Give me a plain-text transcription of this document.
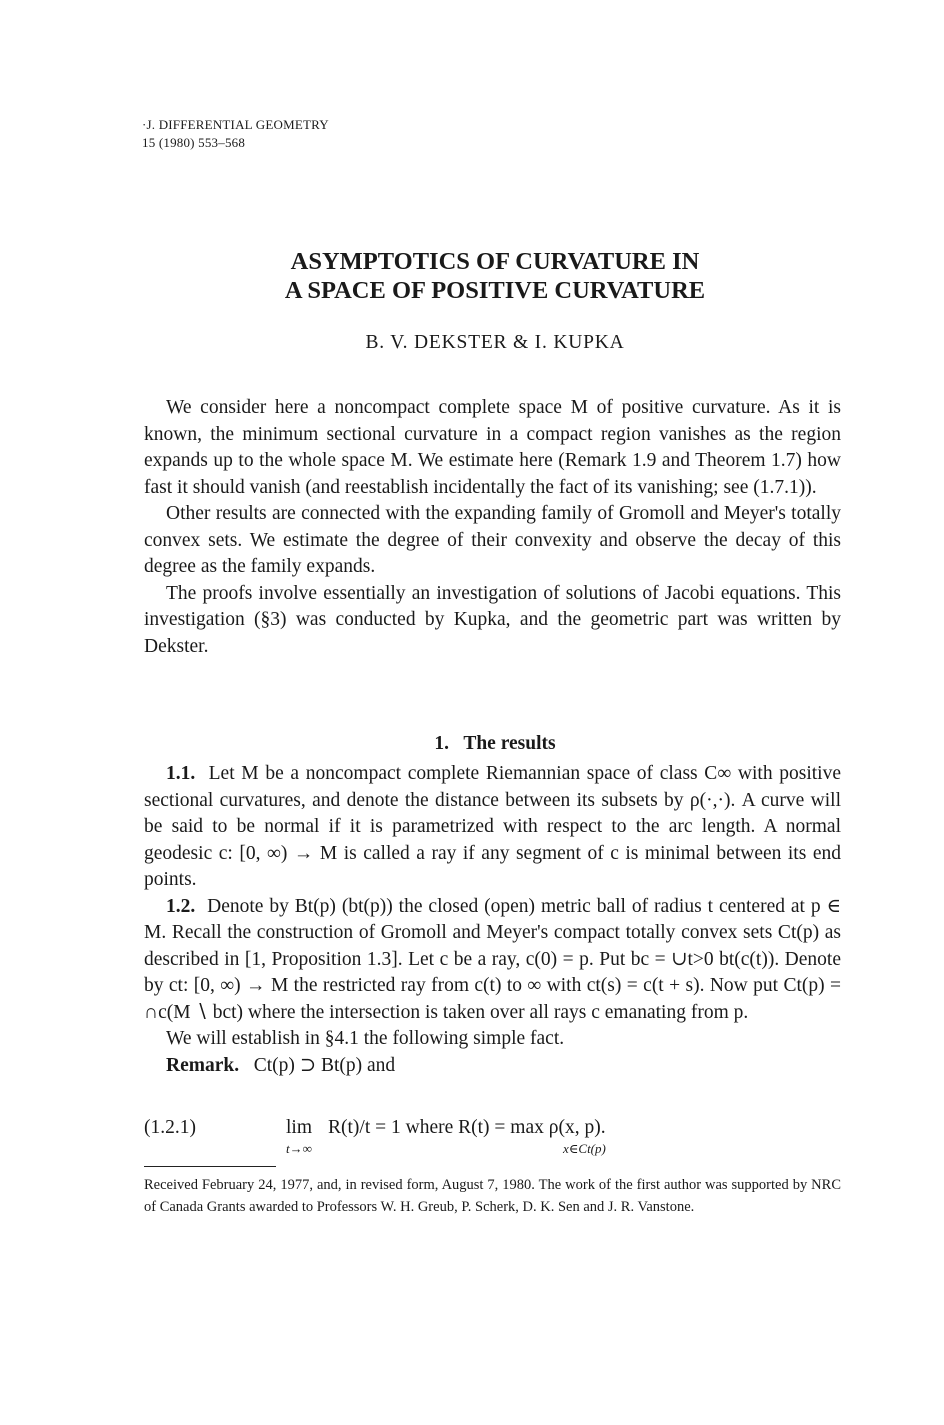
·J. DIFFERENTIAL GEOMETRY
15 (1980) 553–568
ASYMPTOTICS OF CURVATURE IN
A SPACE OF POSITIVE CURVATURE
B. V. DEKSTER & I. KUPKA

We consider here a noncompact complete space M of positive curvature. As it is known, the minimum sectional curvature in a compact region vanishes as the region expands up to the whole space M. We estimate here (Remark 1.9 and Theorem 1.7) how fast it should vanish (and reestablish incidentally the fact of its vanishing; see (1.7.1)).

Other results are connected with the expanding family of Gromoll and Meyer's totally convex sets. We estimate the degree of their convexity and observe the decay of this degree as the family expands.

The proofs involve essentially an investigation of solutions of Jacobi equations. This investigation (§3) was conducted by Kupka, and the geometric part was written by Dekster.

1. The results

1.1. Let M be a noncompact complete Riemannian space of class C∞ with positive sectional curvatures, and denote the distance between its subsets by ρ(·,·). A curve will be said to be normal if it is parametrized with respect to the arc length. A normal geodesic c: [0, ∞) → M is called a ray if any segment of c is minimal between its end points.

1.2. Denote by Bt(p) (bt(p)) the closed (open) metric ball of radius t centered at p ∈ M. Recall the construction of Gromoll and Meyer's compact totally convex sets Ct(p) as described in [1, Proposition 1.3]. Let c be a ray, c(0) = p. Put bc = ∪t>0 bt(c(t)). Denote by ct: [0, ∞) → M the restricted ray from c(t) to ∞ with ct(s) = c(t + s). Now put Ct(p) = ∩c(M ∖ bct) where the intersection is taken over all rays c emanating from p.

We will establish in §4.1 the following simple fact.

Remark. Ct(p) ⊃ Bt(p) and

(1.2.1)	lim
t→∞
R(t)/t = 1 where R(t) = max ρ(x, p).
x∈Ct(p)
Received February 24, 1977, and, in revised form, August 7, 1980. The work of the first author was supported by NRC of Canada Grants awarded to Professors W. H. Greub, P. Scherk, D. K. Sen and J. R. Vanstone.
